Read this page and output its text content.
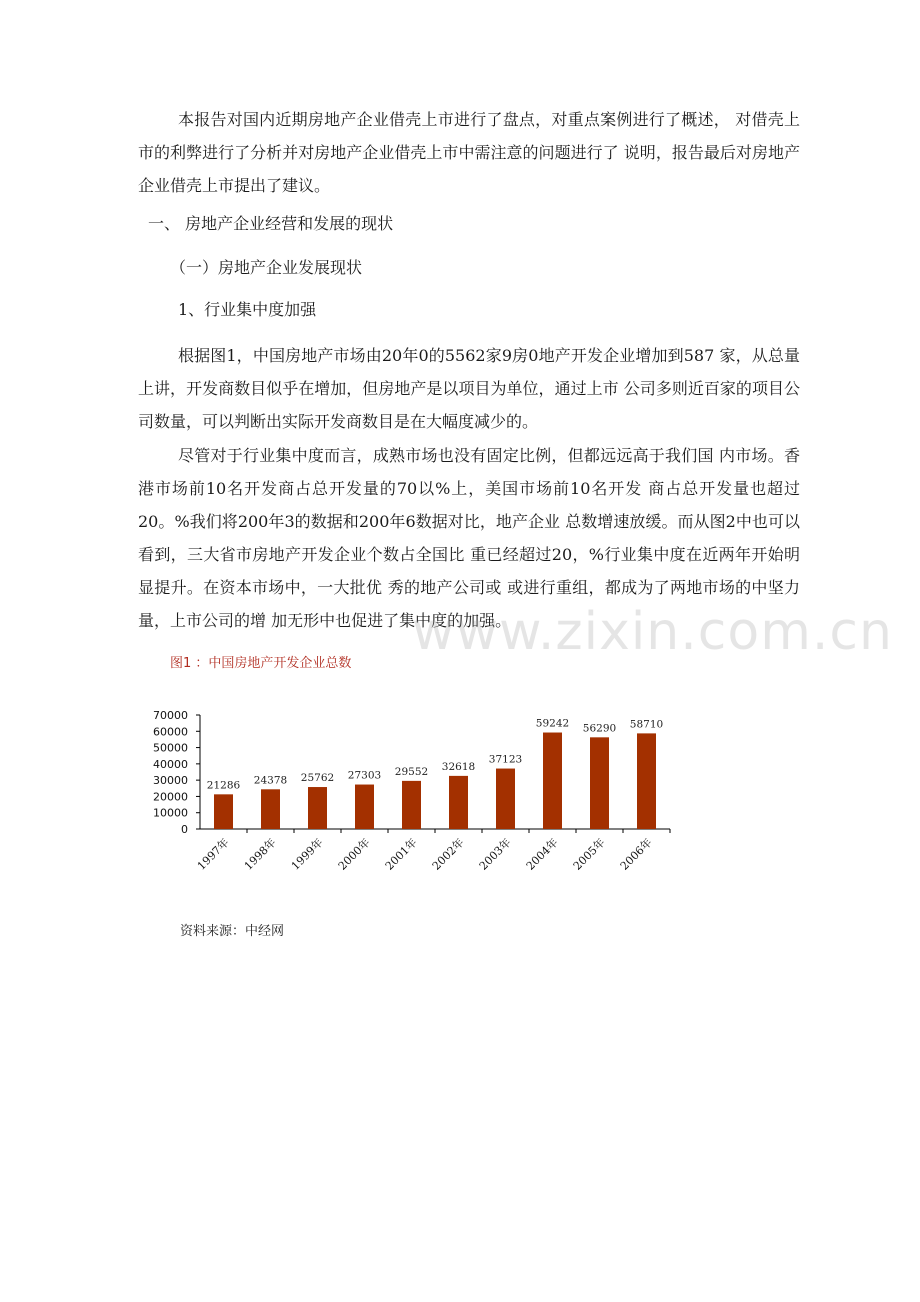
本报告对国内近期房地产企业借壳上市进行了盘点，对重点案例进行了概述， 对借壳上市的利弊进行了分析并对房地产企业借壳上市中需注意的问题进行了 说明，报告最后对房地产企业借壳上市提出了建议。

一、 房地产企业经营和发展的现状

（一）房地产企业发展现状

1、行业集中度加强

根据图1，中国房地产市场由20年0的5562家9房0地产开发企业增加到587 家，从总量上讲，开发商数目似乎在增加，但房地产是以项目为单位，通过上市 公司多则近百家的项目公司数量，可以判断出实际开发商数目是在大幅度减少的。

尽管对于行业集中度而言，成熟市场也没有固定比例，但都远远高于我们国 内市场。香港市场前10名开发商占总开发量的70以%上，美国市场前10名开发 商占总开发量也超过20。%我们将200年3的数据和200年6数据对比，地产企业 总数增速放缓。而从图2中也可以看到，三大省市房地产开发企业个数占全国比 重已经超过20，%行业集中度在近两年开始明显提升。在资本市场中，一大批优 秀的地产公司或 或进行重组，都成为了两地市场的中坚力量，上市公司的增 加无形中也促进了集中度的加强。

www.zixin.com.cn
图1 ：中国房地产开发企业总数
0
10000
20000
30000
40000
50000
60000
70000
1997年 1998年 1999年 2000年 2001年 2002年 2003年 2004年 2005年 2006年
21286 24378 25762 27303 29552 32618
37123
59242 56290 58710
资料来源：中经网
